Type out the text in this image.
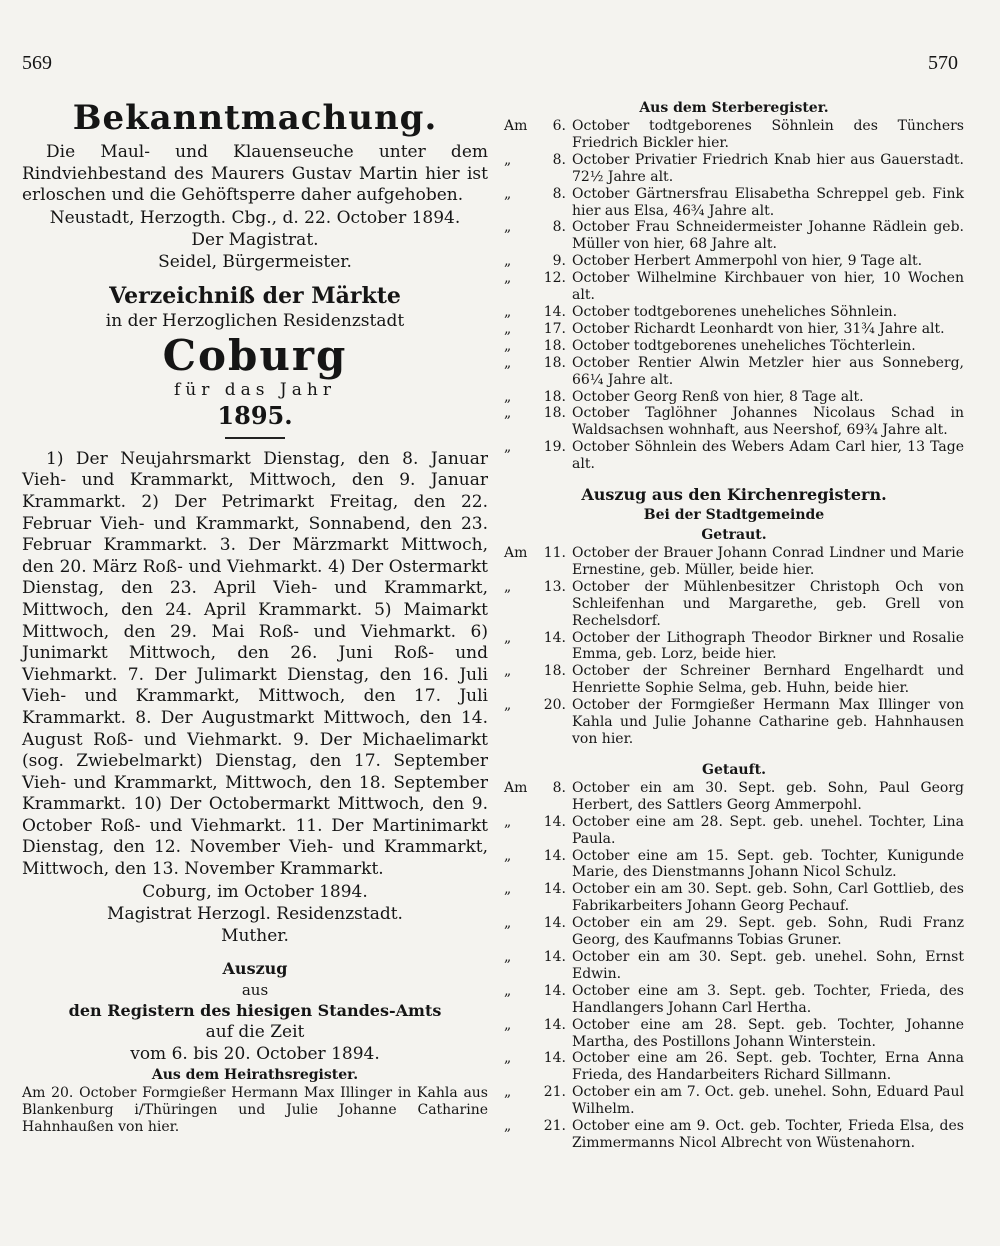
569	570
Bekanntmachung.

Die Maul- und Klauenseuche unter dem Rindviehbestand des Maurers Gustav Martin hier ist erloschen und die Gehöftsperre daher aufgehoben.

Neustadt, Herzogth. Cbg., d. 22. October 1894.
Der Magistrat.
Seidel, Bürgermeister.
Verzeichniß der Märkte
in der Herzoglichen Residenzstadt
Coburg
für das Jahr
1895.

1) Der Neujahrsmarkt Dienstag, den 8. Januar Vieh- und Krammarkt, Mittwoch, den 9. Januar Krammarkt. 2) Der Petrimarkt Freitag, den 22. Februar Vieh- und Krammarkt, Sonnabend, den 23. Februar Krammarkt. 3. Der Märzmarkt Mittwoch, den 20. März Roß- und Viehmarkt. 4) Der Ostermarkt Dienstag, den 23. April Vieh- und Krammarkt, Mittwoch, den 24. April Krammarkt. 5) Maimarkt Mittwoch, den 29. Mai Roß- und Viehmarkt. 6) Junimarkt Mittwoch, den 26. Juni Roß- und Viehmarkt. 7. Der Julimarkt Dienstag, den 16. Juli Vieh- und Krammarkt, Mittwoch, den 17. Juli Krammarkt. 8. Der Augustmarkt Mittwoch, den 14. August Roß- und Viehmarkt. 9. Der Michaelimarkt (sog. Zwiebelmarkt) Dienstag, den 17. September Vieh- und Krammarkt, Mittwoch, den 18. September Krammarkt. 10) Der Octobermarkt Mittwoch, den 9. October Roß- und Viehmarkt. 11. Der Martinimarkt Dienstag, den 12. November Vieh- und Krammarkt, Mittwoch, den 13. November Krammarkt.

Coburg, im October 1894.
Magistrat Herzogl. Residenzstadt.
Muther.
Auszug
aus
den Registern des hiesigen Standes-Amts
auf die Zeit
vom 6. bis 20. October 1894.
Aus dem Heirathsregister.

Am 20. October Formgießer Hermann Max Illinger in Kahla aus Blankenburg i/Thüringen und Julie Johanne Catharine Hahnhaußen von hier.

Aus dem Sterberegister.
Am	6. October todtgeborenes Söhnlein des Tünchers Friedrich Bickler hier.
„	8. October Privatier Friedrich Knab hier aus Gauerstadt. 72½ Jahre alt.
„	8. October Gärtnersfrau Elisabetha Schreppel geb. Fink hier aus Elsa, 46¾ Jahre alt.
„	8. October Frau Schneidermeister Johanne Rädlein geb. Müller von hier, 68 Jahre alt.
„	9. October Herbert Ammerpohl von hier, 9 Tage alt.
„	12. October Wilhelmine Kirchbauer von hier, 10 Wochen alt.
„	14. October todtgeborenes uneheliches Söhnlein.
„	17. October Richardt Leonhardt von hier, 31¾ Jahre alt.
„	18. October todtgeborenes uneheliches Töchterlein.
„	18. October Rentier Alwin Metzler hier aus Sonneberg, 66¼ Jahre alt.
„	18. October Georg Renß von hier, 8 Tage alt.
„	18. October Taglöhner Johannes Nicolaus Schad in Waldsachsen wohnhaft, aus Neershof, 69¾ Jahre alt.
„	19. October Söhnlein des Webers Adam Carl hier, 13 Tage alt.
Auszug aus den Kirchenregistern.
Bei der Stadtgemeinde
Getraut.
Am	11. October der Brauer Johann Conrad Lindner und Marie Ernestine, geb. Müller, beide hier.
„	13. October der Mühlenbesitzer Christoph Och von Schleifenhan und Margarethe, geb. Grell von Rechelsdorf.
„	14. October der Lithograph Theodor Birkner und Rosalie Emma, geb. Lorz, beide hier.
„	18. October der Schreiner Bernhard Engelhardt und Henriette Sophie Selma, geb. Huhn, beide hier.
„	20. October der Formgießer Hermann Max Illinger von Kahla und Julie Johanne Catharine geb. Hahnhausen von hier.
Getauft.
Am	8. October ein am 30. Sept. geb. Sohn, Paul Georg Herbert, des Sattlers Georg Ammerpohl.
„	14. October eine am 28. Sept. geb. unehel. Tochter, Lina Paula.
„	14. October eine am 15. Sept. geb. Tochter, Kunigunde Marie, des Dienstmanns Johann Nicol Schulz.
„	14. October ein am 30. Sept. geb. Sohn, Carl Gottlieb, des Fabrikarbeiters Johann Georg Pechauf.
„	14. October ein am 29. Sept. geb. Sohn, Rudi Franz Georg, des Kaufmanns Tobias Gruner.
„	14. October ein am 30. Sept. geb. unehel. Sohn, Ernst Edwin.
„	14. October eine am 3. Sept. geb. Tochter, Frieda, des Handlangers Johann Carl Hertha.
„	14. October eine am 28. Sept. geb. Tochter, Johanne Martha, des Postillons Johann Winterstein.
„	14. October eine am 26. Sept. geb. Tochter, Erna Anna Frieda, des Handarbeiters Richard Sillmann.
„	21. October ein am 7. Oct. geb. unehel. Sohn, Eduard Paul Wilhelm.
„	21. October eine am 9. Oct. geb. Tochter, Frieda Elsa, des Zimmermanns Nicol Albrecht von Wüstenahorn.
